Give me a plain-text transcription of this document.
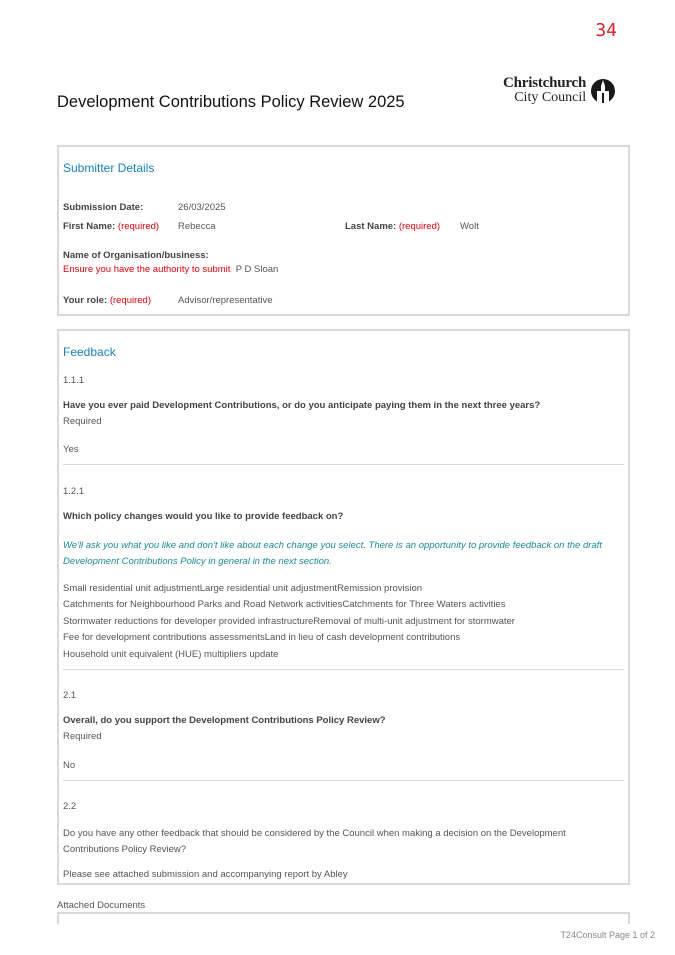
34
Development Contributions Policy Review 2025
Christchurch
City Council
Submitter Details
Submission Date:	26/03/2025
First Name: (required) Rebecca	Last Name: (required) Wolt
Name of Organisation/business:
Ensure you have the authority to submit P D Sloan
Your role: (required)	Advisor/representative
Feedback
1.1.1
Have you ever paid Development Contributions, or do you anticipate paying them in the next three years?
Required
Yes
1.2.1
Which policy changes would you like to provide feedback on?
We'll ask you what you like and don't like about each change you select. There is an opportunity to provide feedback on the draft Development Contributions Policy in general in the next section.
Small residential unit adjustmentLarge residential unit adjustmentRemission provision
Catchments for Neighbourhood Parks and Road Network activitiesCatchments for Three Waters activities
Stormwater reductions for developer provided infrastructureRemoval of multi-unit adjustment for stormwater
Fee for development contributions assessmentsLand in lieu of cash development contributions
Household unit equivalent (HUE) multipliers update
2.1
Overall, do you support the Development Contributions Policy Review?
Required
No
2.2
Do you have any other feedback that should be considered by the Council when making a decision on the Development Contributions Policy Review?
Please see attached submission and accompanying report by Abley
Attached Documents
T24Consult Page 1 of 2
